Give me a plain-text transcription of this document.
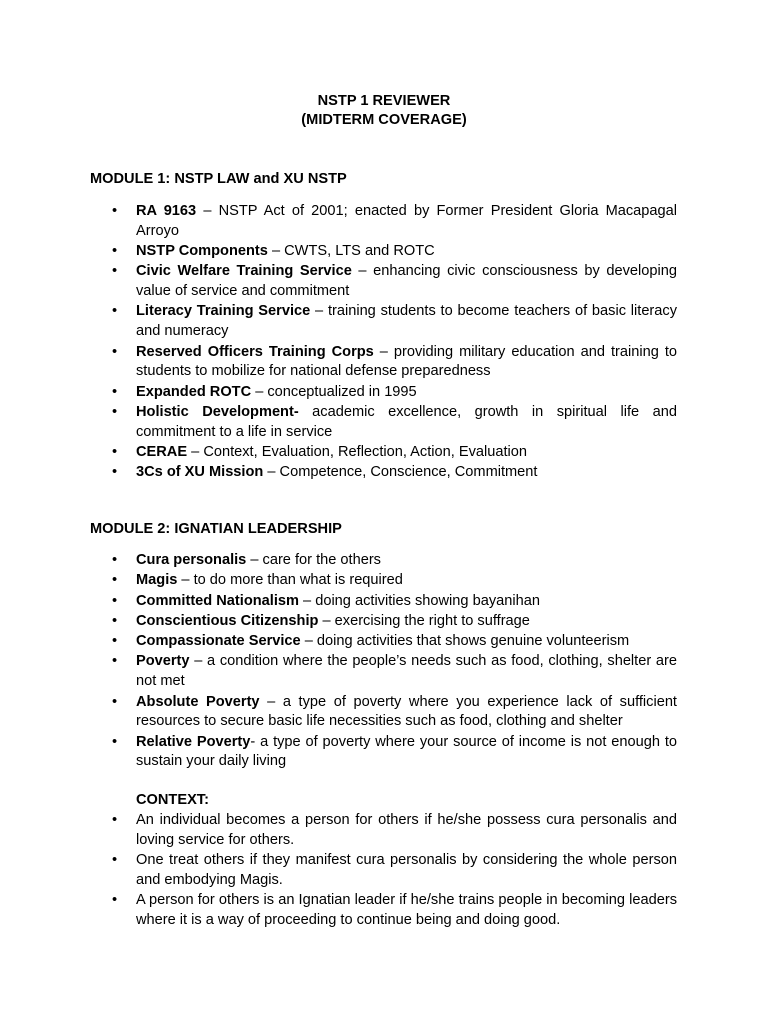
NSTP 1 REVIEWER
(MIDTERM COVERAGE)
MODULE 1: NSTP LAW and XU NSTP
• RA 9163 – NSTP Act of 2001; enacted by Former President Gloria Macapagal Arroyo
• NSTP Components – CWTS, LTS and ROTC
• Civic Welfare Training Service – enhancing civic consciousness by developing value of service and commitment
• Literacy Training Service – training students to become teachers of basic literacy and numeracy
• Reserved Officers Training Corps – providing military education and training to students to mobilize for national defense preparedness
• Expanded ROTC – conceptualized in 1995
• Holistic Development- academic excellence, growth in spiritual life and commitment to a life in service
• CERAE – Context, Evaluation, Reflection, Action, Evaluation
• 3Cs of XU Mission – Competence, Conscience, Commitment
MODULE 2: IGNATIAN LEADERSHIP
• Cura personalis – care for the others
• Magis – to do more than what is required
• Committed Nationalism – doing activities showing bayanihan
• Conscientious Citizenship – exercising the right to suffrage
• Compassionate Service – doing activities that shows genuine volunteerism
• Poverty – a condition where the people’s needs such as food, clothing, shelter are not met
• Absolute Poverty – a type of poverty where you experience lack of sufficient resources to secure basic life necessities such as food, clothing and shelter
• Relative Poverty- a type of poverty where your source of income is not enough to sustain your daily living
CONTEXT:
• An individual becomes a person for others if he/she possess cura personalis and loving service for others.
• One treat others if they manifest cura personalis by considering the whole person and embodying Magis.
• A person for others is an Ignatian leader if he/she trains people in becoming leaders where it is a way of proceeding to continue being and doing good.
